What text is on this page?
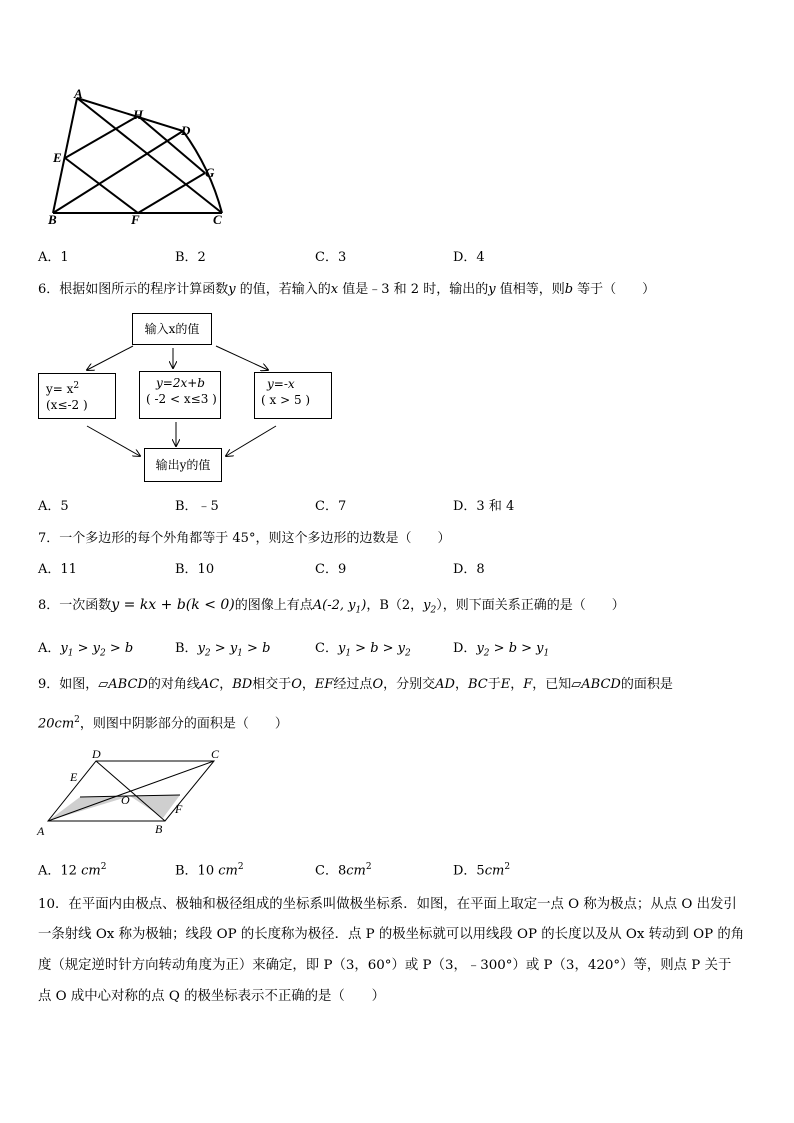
A
H
D
E
G
B	F	C
A．1	B．2	C．3	D．4
6．根据如图所示的程序计算函数y 的值，若输入的x 值是﹣3 和 2 时，输出的y 值相等，则b 等于（　　）
输入x的值
$y= x^2$
(x≤-2 )
y=2x+b
( -2 < x≤3 )
y=-x
( x > 5 )
输出y的值
A．5	B．﹣5	C．7	D．3 和 4
7．一个多边形的每个外角都等于 45°，则这个多边形的边数是（　　）
A．11	B．10	C．9	D．8
8．一次函数y = kx + b(k < 0)的图像上有点A(-2, $y_1$)，B（2，$y_2$），则下面关系正确的是（　　）
A．$y_1 > y_2 > b$	B．$y_2 > y_1 > b$	C．$y_1 > b > y_2$	D．$y_2 > b > y_1$
9．如图，▱ABCD的对角线AC，BD相交于O，EF经过点O，分别交AD，BC于E，F，已知▱ABCD的面积是
$20cm^2$，则图中阴影部分的面积是（　　）
D	C
E
O
A	B
F
A．12 $cm^2$	B．10 $cm^2$	C．$8cm^2$	D．$5cm^2$
10．在平面内由极点、极轴和极径组成的坐标系叫做极坐标系．如图，在平面上取定一点 O 称为极点；从点 O 出发引
一条射线 Ox 称为极轴；线段 OP 的长度称为极径．点 P 的极坐标就可以用线段 OP 的长度以及从 Ox 转动到 OP 的角
度（规定逆时针方向转动角度为正）来确定，即 P（3，60°）或 P（3，﹣300°）或 P（3，420°）等，则点 P 关于
点 O 成中心对称的点 Q 的极坐标表示不正确的是（　　）
